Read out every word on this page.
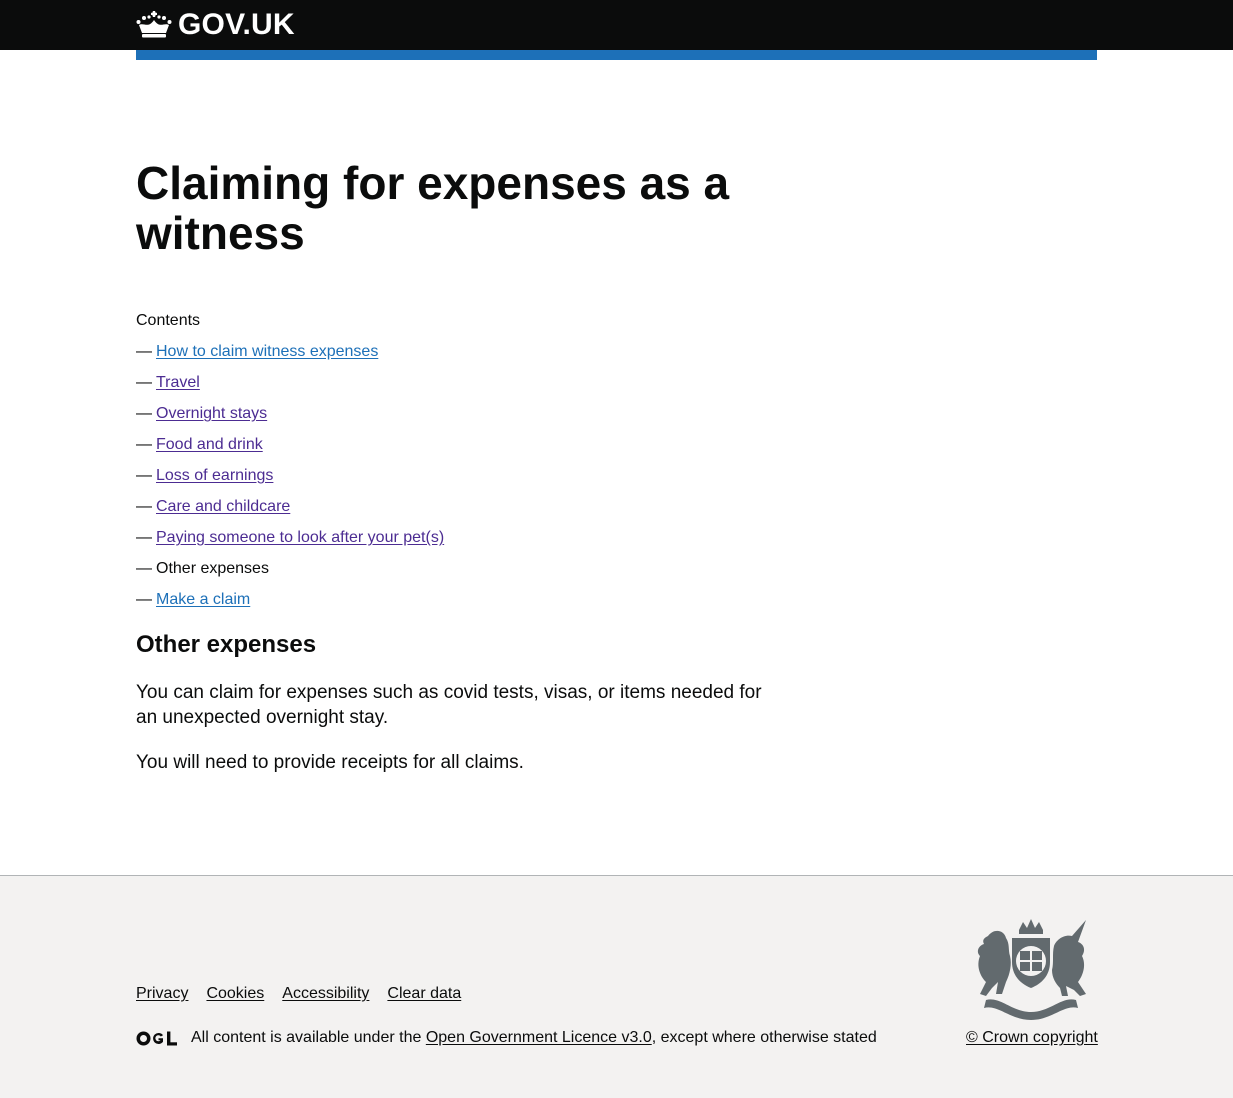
GOV.UK
Claiming for expenses as a witness
Contents
— How to claim witness expenses
— Travel
— Overnight stays
— Food and drink
— Loss of earnings
— Care and childcare
— Paying someone to look after your pet(s)
— Other expenses
— Make a claim
Other expenses

You can claim for expenses such as covid tests, visas, or items needed for an unexpected overnight stay.

You will need to provide receipts for all claims.

Privacy Cookies Accessibility Clear data
All content is available under the
Open Government Licence v3.0 , except where otherwise stated	© Crown copyright
